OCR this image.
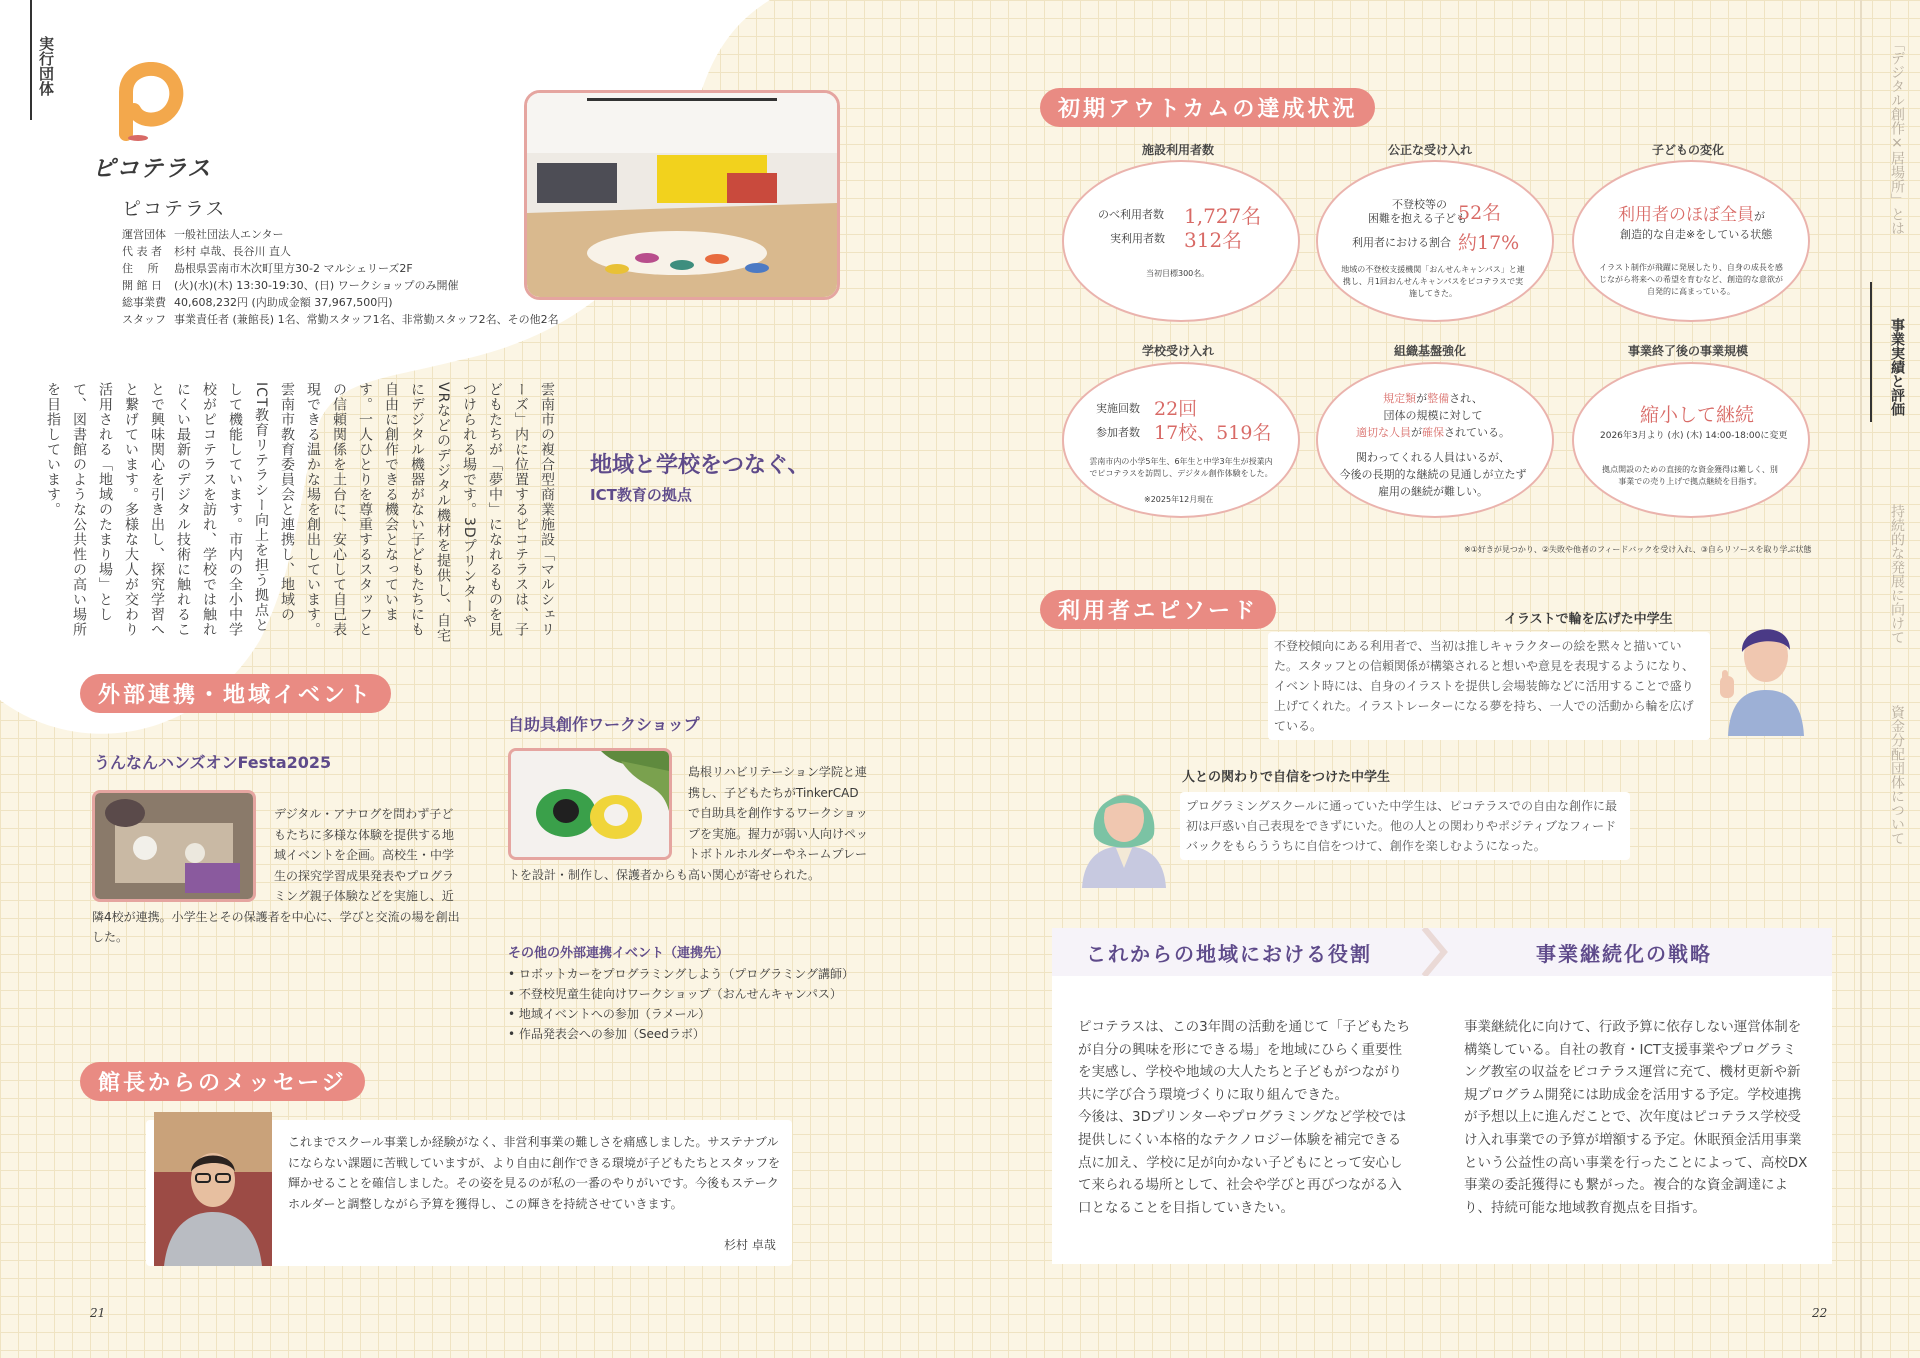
実行団体
ピコテラス
ピコテラス
運営団体 一般社団法人エンター
代 表 者 杉村 卓哉、長谷川 直人
住　 所 島根県雲南市木次町里方30-2 マルシェリーズ2F
開 館 日 (火)(水)(木) 13:30-19:30、(日) ワークショップのみ開催
総事業費 40,608,232円 (内助成金額 37,967,500円)
スタッフ 事業責任者 (兼館長) 1名、常勤スタッフ1名、非常勤スタッフ2名、その他2名
雲南市の複合型商業施設「マルシェリーズ」内に位置するピコテラスは、子どもたちが「夢中」になれるものを見つけられる場です。3Dプリンターや VRなどのデジタル機材を提供し、自宅にデジタル機器がない子どもたちにも自由に創作できる機会となっています。一人ひとりを尊重するスタッフとの信頼関係を土台に、安心して自己表現できる温かな場を創出しています。雲南市教育委員会と連携し、地域のICT教育リテラシー向上を担う拠点として機能しています。市内の全小中学校がピコテラスを訪れ、学校では触れにくい最新のデジタル技術に触れることで興味関心を引き出し、探究学習へと繋げています。多様な大人が交わり活用される「地域のたまり場」として、図書館のような公共性の高い場所を目指しています。	地域と学校をつなぐ、
ICT教育の拠点
外部連携・地域イベント
うんなんハンズオンFesta2025
デジタル・アナログを問わず子どもたちに多様な体験を提供する地域イベントを企画。高校生・中学生の探究学習成果発表やプログラミング親子体験などを実施し、近隣4校が連携。小学生とその保護者を中心に、学びと交流の場を創出した。
自助具創作ワークショップ
島根リハビリテーション学院と連携し、子どもたちがTinkerCADで自助具を創作するワークショップを実施。握力が弱い人向けペットボトルホルダーやネームプレートを設計・制作し、保護者からも高い関心が寄せられた。
その他の外部連携イベント（連携先）
• ロボットカーをプログラミングしよう（プログラミング講師）
• 不登校児童生徒向けワークショップ（おんせんキャンパス）
• 地域イベントへの参加（ラメール）
• 作品発表会への参加（Seedラボ）
館長からのメッセージ
これまでスクール事業しか経験がなく、非営利事業の難しさを痛感しました。サステナブルにならない課題に苦戦していますが、より自由に創作できる環境が子どもたちとスタッフを輝かせることを確信しました。その姿を見るのが私の一番のやりがいです。今後もステークホルダーと調整しながら予算を獲得し、この輝きを持続させていきます。
杉村 卓哉
21	22
初期アウトカムの達成状況
施設利用者数	公正な受け入れ	子どもの変化
のべ利用者数 1,727名
実利用者数 312名
当初目標300名。
不登校等の
困難を抱える子ども
52名
利用者における割合 約17%
地域の不登校支援機関「おんせんキャンパス」と連携し、月1回おんせんキャンパスをピコテラスで実施してきた。
利用者のほぼ全員が
創造的な自走※をしている状態
イラスト制作が飛躍に発展したり、自身の成長を感じながら将来への希望を育むなど、創造的な意欲が自発的に高まっている。
学校受け入れ	組織基盤強化	事業終了後の事業規模
実施回数 22回
参加者数 17校、519名
雲南市内の小学5年生、6年生と中学3年生が授業内でピコテラスを訪問し、デジタル創作体験をした。
※2025年12月現在
規定類が整備され、
団体の規模に対して
適切な人員が確保されている。
関わってくれる人員はいるが、
今後の長期的な継続の見通しが立たず
雇用の継続が難しい。
縮小して継続
2026年3月より (水) (木) 14:00-18:00に変更
拠点開設のための直接的な資金獲得は難しく、別事業での売り上げで拠点継続を目指す。
※①好きが見つかり、②失敗や他者のフィードバックを受け入れ、③自らリソースを取り学ぶ状態
利用者エピソード	イラストで輪を広げた中学生
不登校傾向にある利用者で、当初は推しキャラクターの絵を黙々と描いていた。スタッフとの信頼関係が構築されると想いや意見を表現するようになり、イベント時には、自身のイラストを提供し会場装飾などに活用することで盛り上げてくれた。イラストレーターになる夢を持ち、一人での活動から輪を広げている。
人との関わりで自信をつけた中学生
プログラミングスクールに通っていた中学生は、ピコテラスでの自由な創作に最初は戸惑い自己表現をできずにいた。他の人との関わりやポジティブなフィードバックをもらううちに自信をつけて、創作を楽しむようになった。
これからの地域における役割	事業継続化の戦略
ピコテラスは、この3年間の活動を通じて「子どもたちが自分の興味を形にできる場」を地域にひらく重要性を実感し、学校や地域の大人たちと子どもがつながり共に学び合う環境づくりに取り組んできた。
今後は、3Dプリンターやプログラミングなど学校では提供しにくい本格的なテクノロジー体験を補完できる点に加え、学校に足が向かない子どもにとって安心して来られる場所として、社会や学びと再びつながる入口となることを目指していきたい。
事業継続化に向けて、行政予算に依存しない運営体制を構築している。自社の教育・ICT支援事業やプログラミング教室の収益をピコテラス運営に充て、機材更新や新規プログラム開発には助成金を活用する予定。学校連携が予想以上に進んだことで、次年度はピコテラス学校受け入れ事業での予算が増額する予定。休眠預金活用事業という公益性の高い事業を行ったことによって、高校DX事業の委託獲得にも繋がった。複合的な資金調達により、持続可能な地域教育拠点を目指す。
「デジタル創作×居場所」とは
事業実績と評価
持続的な発展に向けて
資金分配団体について
